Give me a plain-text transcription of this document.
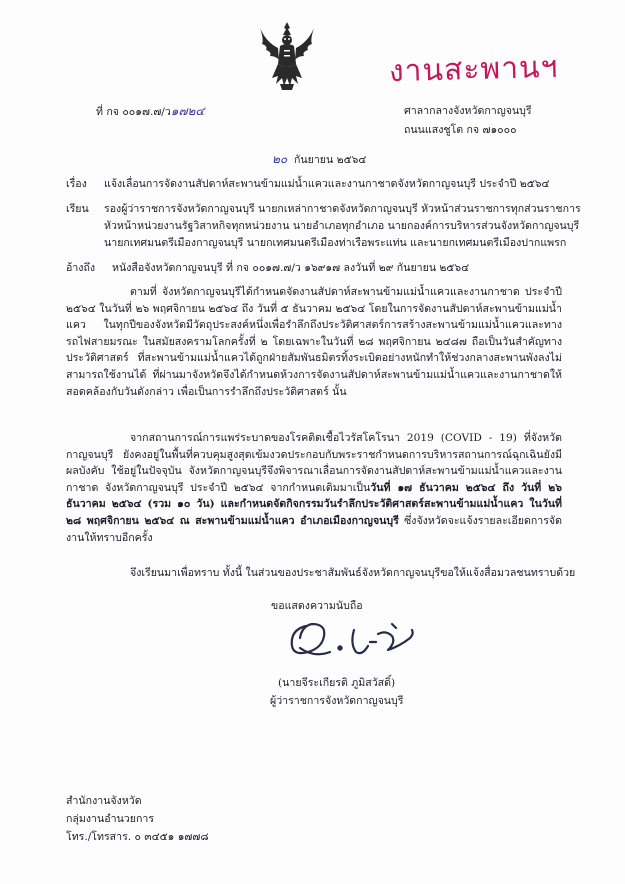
งานสะพานฯ
ที่ กจ ๐๐๑๗.๗/ว๑๗๒๔	ศาลากลางจังหวัดกาญจนบุรี
ถนนแสงชูโต กจ ๗๑๐๐๐
๒๐ กันยายน ๒๕๖๔
เรื่อง แจ้งเลื่อนการจัดงานสัปดาห์สะพานข้ามแม่น้ำแควและงานกาชาดจังหวัดกาญจนบุรี ประจำปี ๒๕๖๔
เรียน รองผู้ว่าราชการจังหวัดกาญจนบุรี นายกเหล่ากาชาดจังหวัดกาญจนบุรี หัวหน้าส่วนราชการทุกส่วนราชการ
หัวหน้าหน่วยงานรัฐวิสาหกิจทุกหน่วยงาน นายอำเภอทุกอำเภอ นายกองค์การบริหารส่วนจังหวัดกาญจนบุรี
นายกเทศมนตรีเมืองกาญจนบุรี นายกเทศมนตรีเมืองท่าเรือพระแท่น และนายกเทศมนตรีเมืองปากแพรก
อ้างถึง หนังสือจังหวัดกาญจนบุรี ที่ กจ ๐๐๑๗.๗/ว ๑๖๙๑๗ ลงวันที่ ๒๙ กันยายน ๒๕๖๔
ตามที่ จังหวัดกาญจนบุรีได้กำหนดจัดงานสัปดาห์สะพานข้ามแม่น้ำแควและงานกาชาด ประจำปี ๒๕๖๔ ในวันที่ ๒๖ พฤศจิกายน ๒๕๖๔ ถึง วันที่ ๕ ธันวาคม ๒๕๖๔ โดยในการจัดงานสัปดาห์สะพานข้ามแม่น้ำแคว ในทุกปีของจังหวัดมีวัตถุประสงค์หนึ่งเพื่อรำลึกถึงประวัติศาสตร์การสร้างสะพานข้ามแม่น้ำแควและทางรถไฟสายมรณะ ในสมัยสงครามโลกครั้งที่ ๒ โดยเฉพาะในวันที่ ๒๘ พฤศจิกายน ๒๔๘๗ ถือเป็นวันสำคัญทางประวัติศาสตร์ ที่สะพานข้ามแม่น้ำแควได้ถูกฝ่ายสัมพันธมิตรทิ้งระเบิดอย่างหนักทำให้ช่วงกลางสะพานพังลงไม่สามารถใช้งานได้ ที่ผ่านมาจังหวัดจึงได้กำหนดห้วงการจัดงานสัปดาห์สะพานข้ามแม่น้ำแควและงานกาชาดให้สอดคล้องกับวันดังกล่าว เพื่อเป็นการรำลึกถึงประวัติศาสตร์ นั้น
จากสถานการณ์การแพร่ระบาดของโรคติดเชื้อไวรัสโคโรนา 2019 (COVID - 19) ที่จังหวัดกาญจนบุรี ยังคงอยู่ในพื้นที่ควบคุมสูงสุดเข้มงวดประกอบกับพระราชกำหนดการบริหารสถานการณ์ฉุกเฉินยังมีผลบังคับ ใช้อยู่ในปัจจุบัน จังหวัดกาญจนบุรีจึงพิจารณาเลื่อนการจัดงานสัปดาห์สะพานข้ามแม่น้ำแควและงานกาชาด จังหวัดกาญจนบุรี ประจำปี ๒๕๖๔ จากกำหนดเดิมมาเป็นวันที่ ๑๗ ธันวาคม ๒๕๖๔ ถึง วันที่ ๒๖ ธันวาคม ๒๕๖๔ (รวม ๑๐ วัน) และกำหนดจัดกิจกรรมวันรำลึกประวัติศาสตร์สะพานข้ามแม่น้ำแคว ในวันที่ ๒๘ พฤศจิกายน ๒๕๖๔ ณ สะพานข้ามแม่น้ำแคว อำเภอเมืองกาญจนบุรี ซึ่งจังหวัดจะแจ้งรายละเอียดการจัดงานให้ทราบอีกครั้ง
จึงเรียนมาเพื่อทราบ ทั้งนี้ ในส่วนของประชาสัมพันธ์จังหวัดกาญจนบุรีขอให้แจ้งสื่อมวลชนทราบด้วย
ขอแสดงความนับถือ
(นายจีระเกียรติ ภูมิสวัสดิ์)
ผู้ว่าราชการจังหวัดกาญจนบุรี
สำนักงานจังหวัด
กลุ่มงานอำนวยการ
โทร./โทรสาร. ๐ ๓๔๕๑ ๑๗๗๘
